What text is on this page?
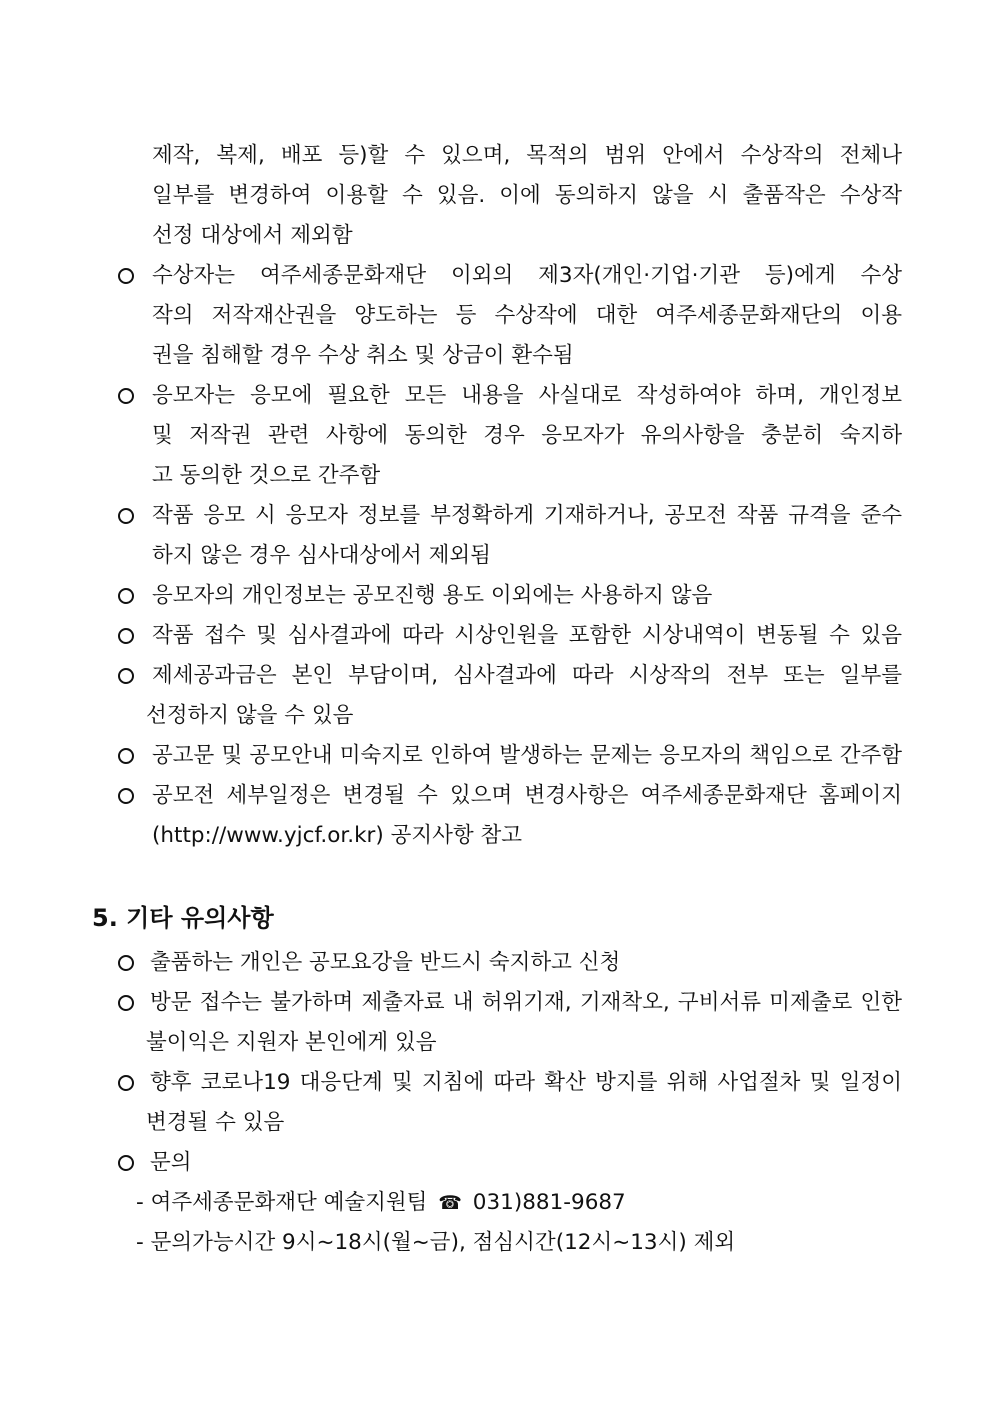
제작, 복제, 배포 등)할 수 있으며, 목적의 범위 안에서 수상작의 전체나
일부를 변경하여 이용할 수 있음. 이에 동의하지 않을 시 출품작은 수상작
선정 대상에서 제외함
수상자는 여주세종문화재단 이외의 제3자(개인·기업·기관 등)에게 수상
작의 저작재산권을 양도하는 등 수상작에 대한 여주세종문화재단의 이용
권을 침해할 경우 수상 취소 및 상금이 환수됨
응모자는 응모에 필요한 모든 내용을 사실대로 작성하여야 하며, 개인정보
및 저작권 관련 사항에 동의한 경우 응모자가 유의사항을 충분히 숙지하
고 동의한 것으로 간주함
작품 응모 시 응모자 정보를 부정확하게 기재하거나, 공모전 작품 규격을 준수
하지 않은 경우 심사대상에서 제외됨
응모자의 개인정보는 공모진행 용도 이외에는 사용하지 않음
작품 접수 및 심사결과에 따라 시상인원을 포함한 시상내역이 변동될 수 있음
제세공과금은 본인 부담이며, 심사결과에 따라 시상작의 전부 또는 일부를
선정하지 않을 수 있음
공고문 및 공모안내 미숙지로 인하여 발생하는 문제는 응모자의 책임으로 간주함
공모전 세부일정은 변경될 수 있으며 변경사항은 여주세종문화재단 홈페이지
(http://www.yjcf.or.kr) 공지사항 참고
5. 기타 유의사항
출품하는 개인은 공모요강을 반드시 숙지하고 신청
방문 접수는 불가하며 제출자료 내 허위기재, 기재착오, 구비서류 미제출로 인한
불이익은 지원자 본인에게 있음
향후 코로나19 대응단계 및 지침에 따라 확산 방지를 위해 사업절차 및 일정이
변경될 수 있음
문의
- 여주세종문화재단 예술지원팀 ☎ 031)881-9687
- 문의가능시간 9시~18시(월~금), 점심시간(12시~13시) 제외
